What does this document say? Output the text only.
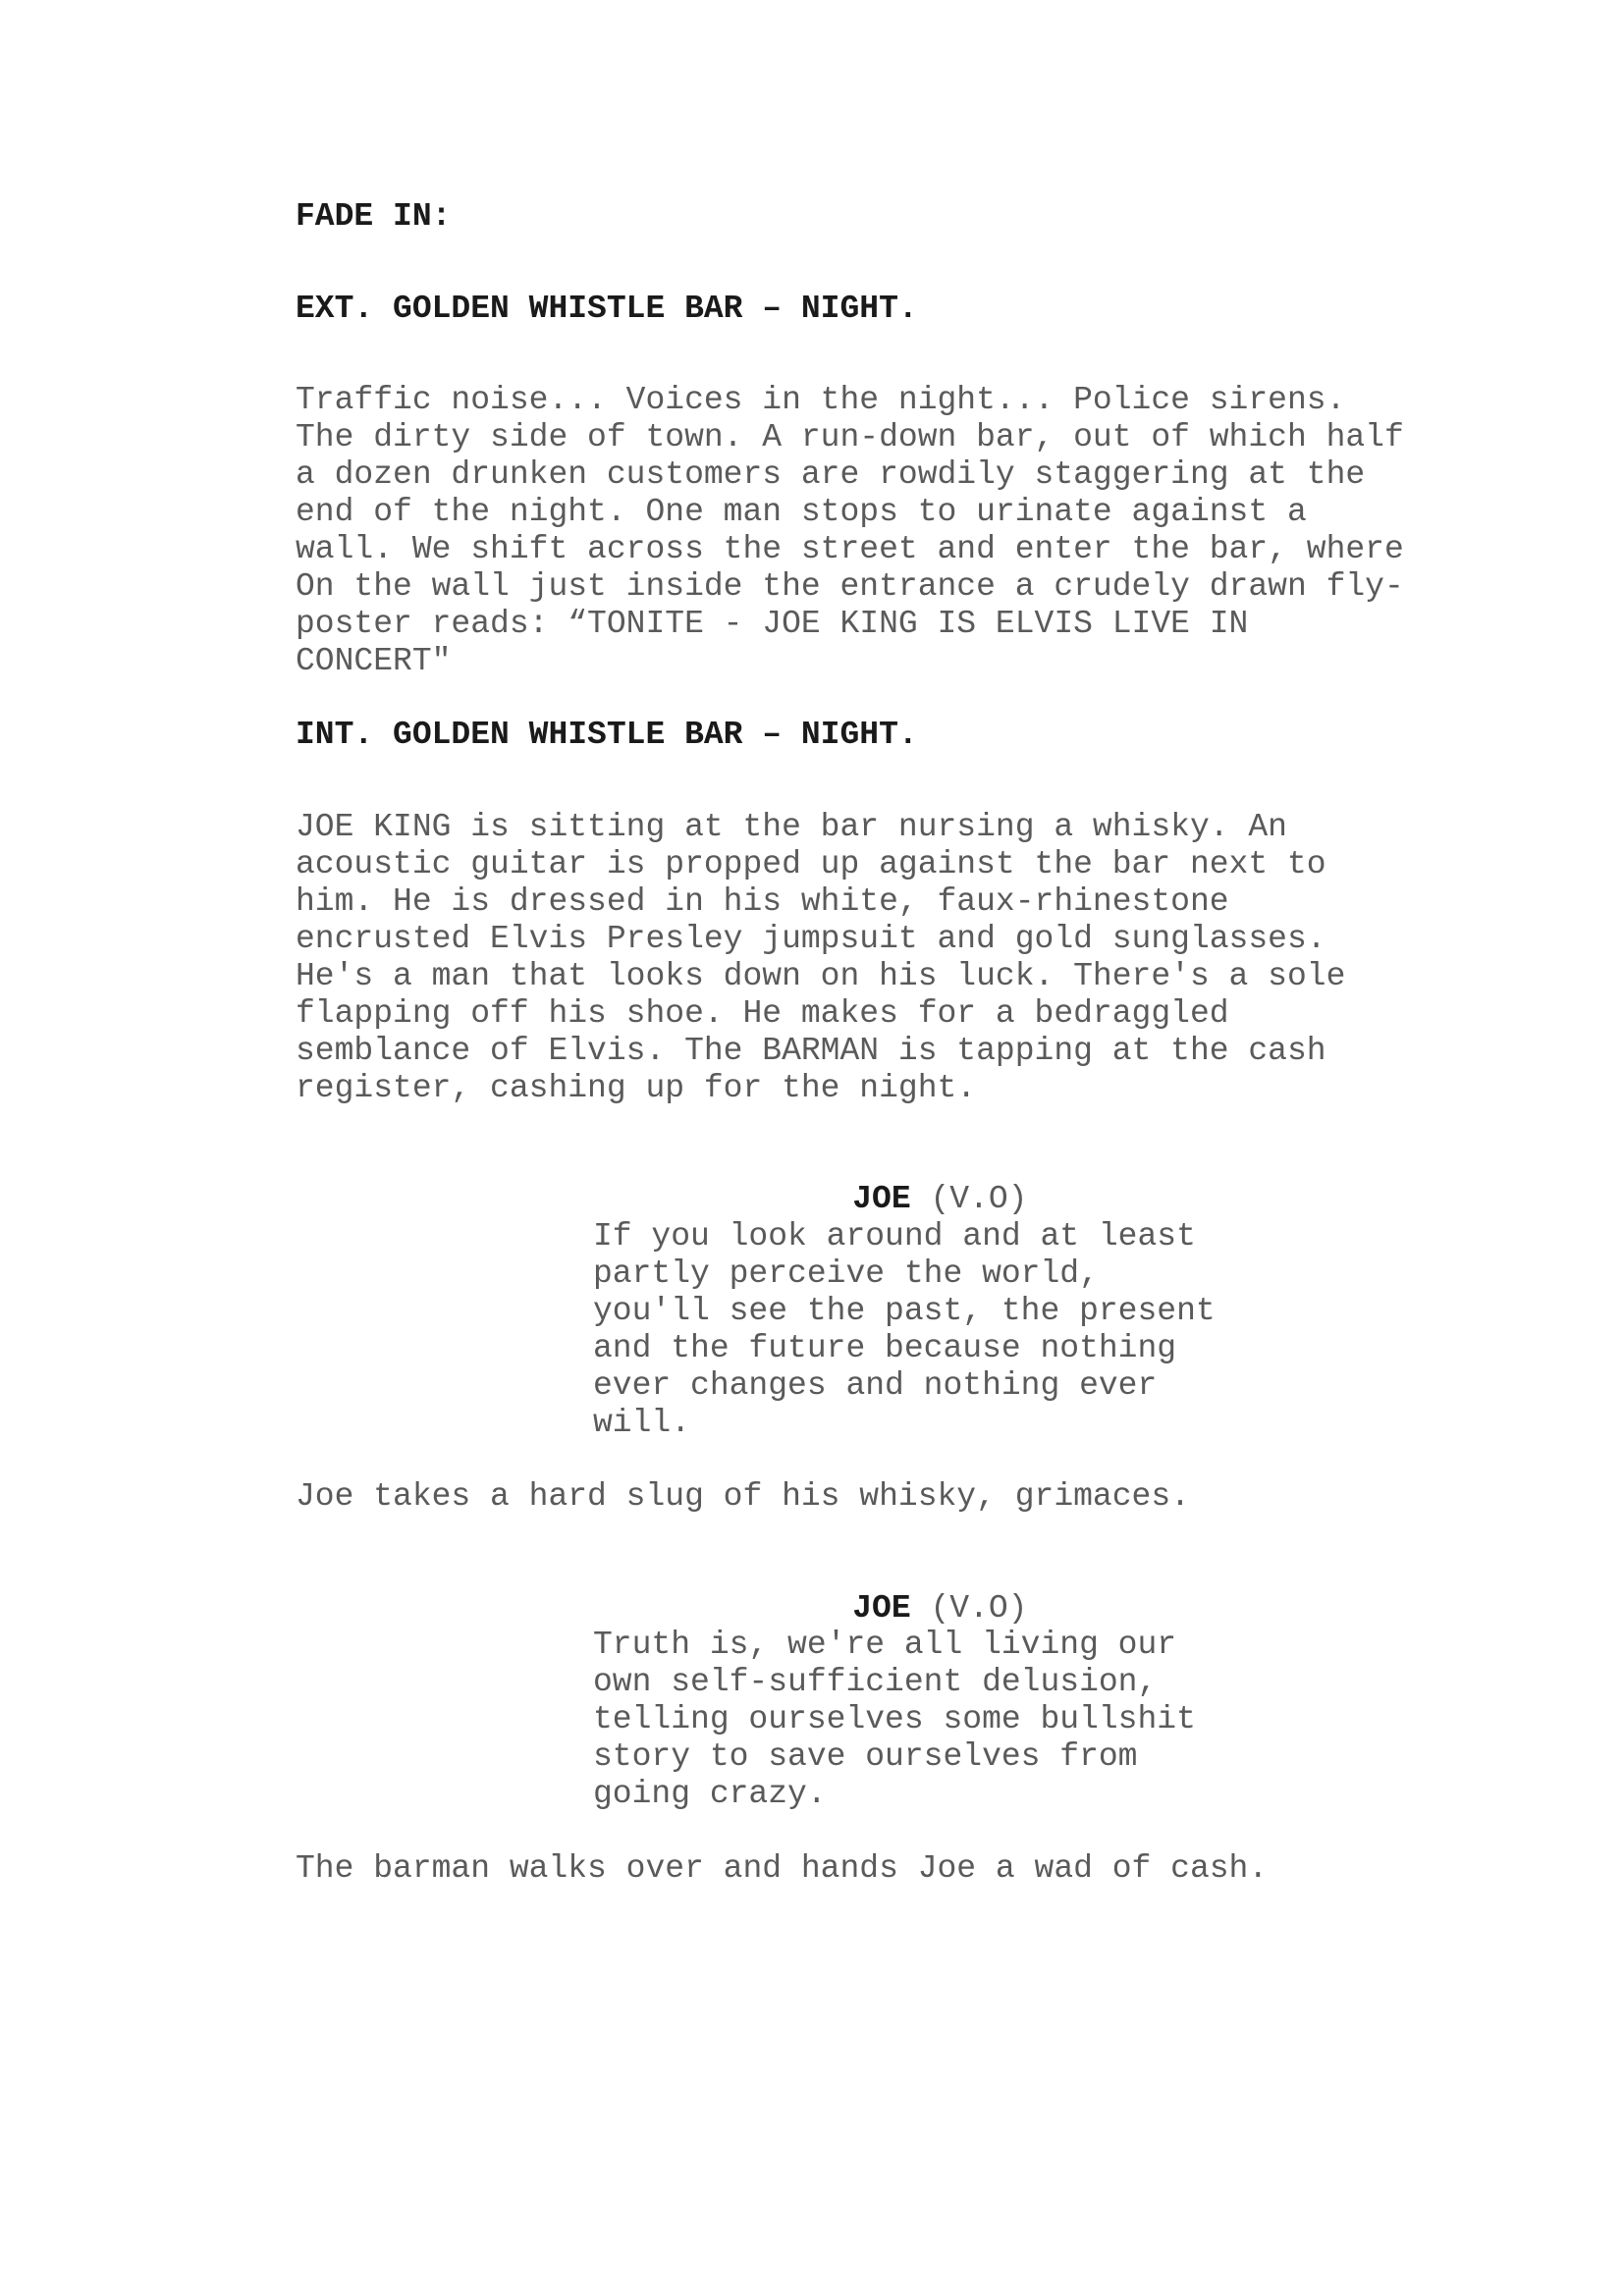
FADE IN:
EXT. GOLDEN WHISTLE BAR – NIGHT.
Traffic noise... Voices in the night... Police sirens.
The dirty side of town. A run-down bar, out of which half
a dozen drunken customers are rowdily staggering at the
end of the night. One man stops to urinate against a
wall. We shift across the street and enter the bar, where
On the wall just inside the entrance a crudely drawn fly-
poster reads: “TONITE - JOE KING IS ELVIS LIVE IN
CONCERT"
INT. GOLDEN WHISTLE BAR – NIGHT.
JOE KING is sitting at the bar nursing a whisky. An
acoustic guitar is propped up against the bar next to
him. He is dressed in his white, faux-rhinestone
encrusted Elvis Presley jumpsuit and gold sunglasses.
He's a man that looks down on his luck. There's a sole
flapping off his shoe. He makes for a bedraggled
semblance of Elvis. The BARMAN is tapping at the cash
register, cashing up for the night.

JOE (V.O)

If you look around and at least
partly perceive the world,
you'll see the past, the present
and the future because nothing
ever changes and nothing ever
will.
Joe takes a hard slug of his whisky, grimaces.

JOE (V.O)

Truth is, we're all living our
own self-sufficient delusion,
telling ourselves some bullshit
story to save ourselves from
going crazy.
The barman walks over and hands Joe a wad of cash.
